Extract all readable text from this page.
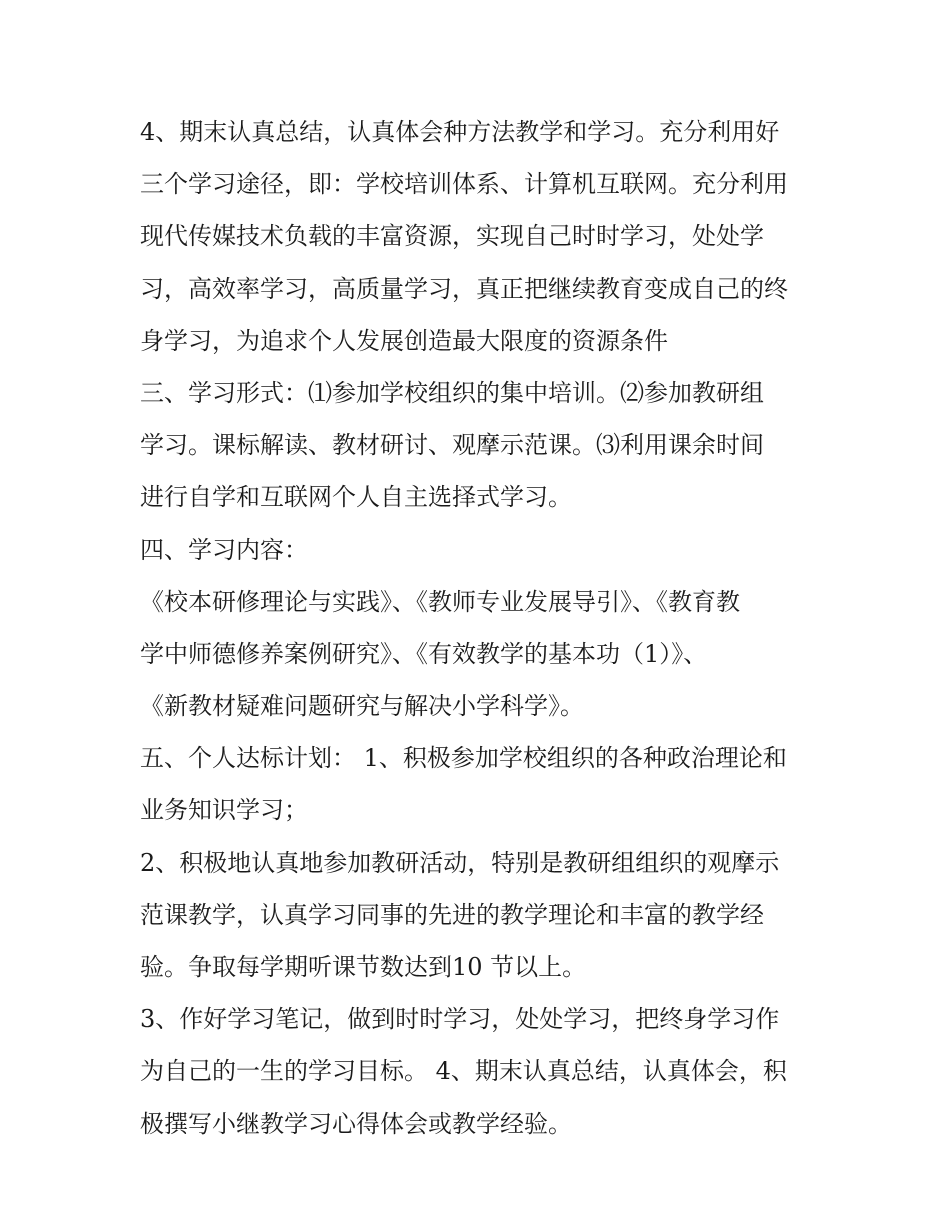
4、期末认真总结，认真体会种方法教学和学习。充分利用好
三个学习途径，即：学校培训体系、计算机互联网。充分利用
现代传媒技术负载的丰富资源，实现自己时时学习，处处学
习，高效率学习，高质量学习，真正把继续教育变成自己的终
身学习，为追求个人发展创造最大限度的资源条件
三、学习形式：⑴参加学校组织的集中培训。⑵参加教研组
学习。课标解读、教材研讨、观摩示范课。⑶利用课余时间
进行自学和互联网个人自主选择式学习。
四、学习内容：
《校本研修理论与实践》、《教师专业发展导引》、《教育教
学中师德修养案例研究》、《有效教学的基本功（1）》、
《新教材疑难问题研究与解决小学科学》。
五、个人达标计划： 1、积极参加学校组织的各种政治理论和
业务知识学习；
2、积极地认真地参加教研活动，特别是教研组组织的观摩示
范课教学，认真学习同事的先进的教学理论和丰富的教学经
验。争取每学期听课节数达到10 节以上。
3、作好学习笔记，做到时时学习，处处学习，把终身学习作
为自己的一生的学习目标。 4、期末认真总结，认真体会，积
极撰写小继教学习心得体会或教学经验。
